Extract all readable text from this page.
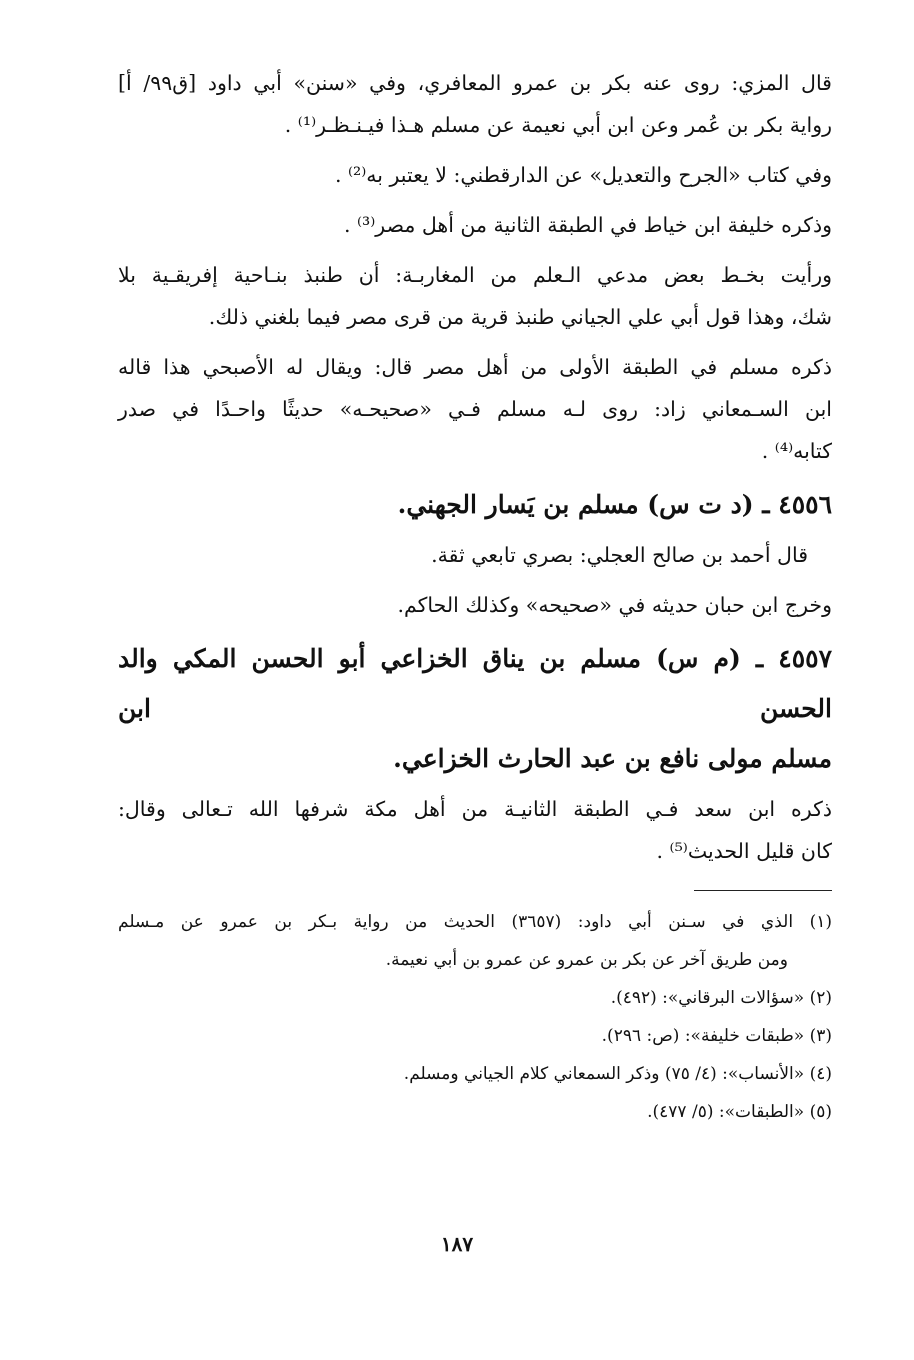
قال المزي: روى عنه بكر بن عمرو المعافري، وفي «سنن» أبي داود [ق٩٩/ أ]
رواية بكر بن عُمر وعن ابن أبي نعيمة عن مسلم هـذا فيـنـظـر⁽¹⁾ .
وفي كتاب «الجرح والتعديل» عن الدارقطني: لا يعتبر به⁽²⁾ .
وذكره خليفة ابن خياط في الطبقة الثانية من أهل مصر⁽³⁾ .
ورأيت بخـط بعض مدعي الـعلم من المغاربـة: أن طنبذ بنـاحية إفريقـية بلا
شك، وهذا قول أبي علي الجياني طنبذ قرية من قرى مصر فيما بلغني ذلك.
ذكره مسلم في الطبقة الأولى من أهل مصر قال: ويقال له الأصبحي هذا قاله
ابن السـمعاني زاد: روى لـه مسلم فـي «صحيحـه» حديثًا واحـدًا في صدر
كتابه⁽⁴⁾ .
٤٥٥٦ ـ (د ت س) مسلم بن يَسار الجهني.
قال أحمد بن صالح العجلي: بصري تابعي ثقة.
وخرج ابن حبان حديثه في «صحيحه» وكذلك الحاكم.
٤٥٥٧ ـ (م س) مسلم بن يناق الخزاعي أبو الحسن المكي والد الحسن ابن
مسلم مولى نافع بن عبد الحارث الخزاعي.
ذكره ابن سعد فـي الطبقة الثانيـة من أهل مكة شرفها الله تـعالى وقال:
كان قليل الحديث⁽⁵⁾ .
(١) الذي في سـنن أبي داود: (٣٦٥٧) الحديث من رواية بـكر بن عمرو عن مـسلم
ومن طريق آخر عن بكر بن عمرو عن عمرو بن أبي نعيمة.
(٢) «سؤالات البرقاني»: (٤٩٢).
(٣) «طبقات خليفة»: (ص: ٢٩٦).
(٤) «الأنساب»: (٤/ ٧٥) وذكر السمعاني كلام الجياني ومسلم.
(٥) «الطبقات»: (٥/ ٤٧٧).
١٨٧
